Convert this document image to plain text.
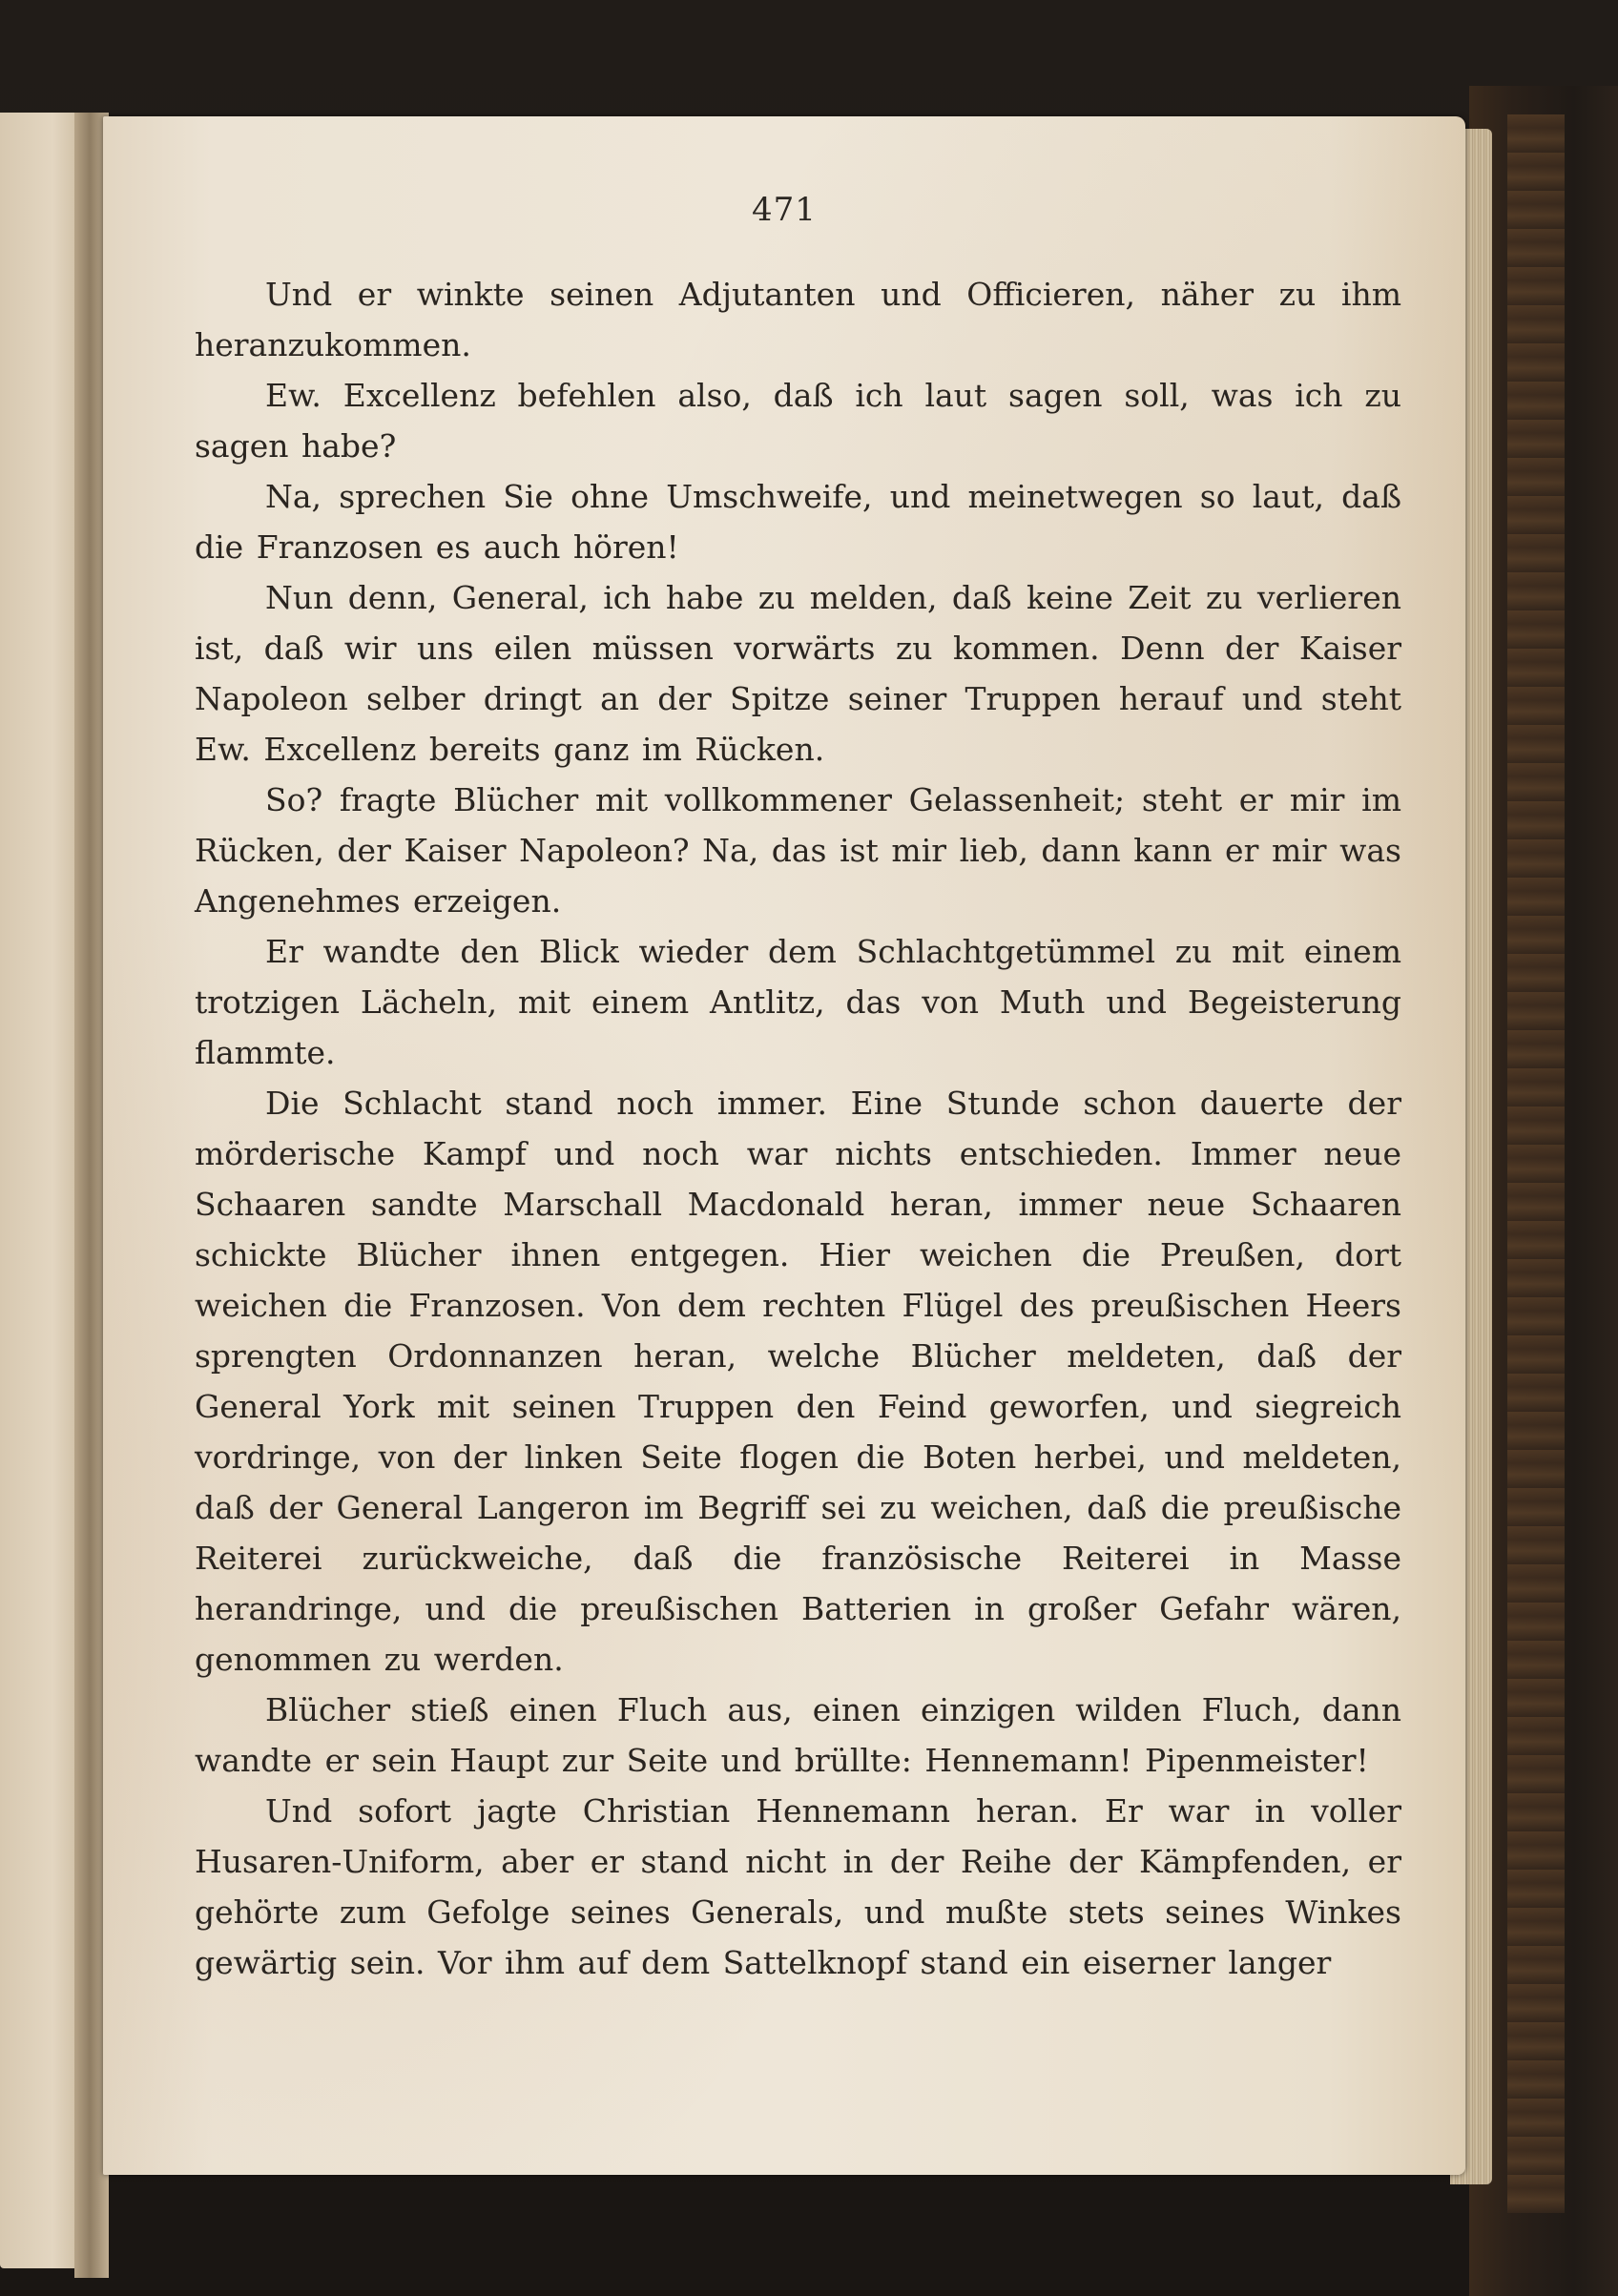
471

Und er winkte seinen Adjutanten und Officieren, näher zu ihm heranzukommen.

Ew. Excellenz befehlen also, daß ich laut sagen soll, was ich zu sagen habe?

Na, sprechen Sie ohne Umschweife, und meinetwegen so laut, daß die Franzosen es auch hören!

Nun denn, General, ich habe zu melden, daß keine Zeit zu verlieren ist, daß wir uns eilen müssen vorwärts zu kommen. Denn der Kaiser Napoleon selber dringt an der Spitze seiner Truppen herauf und steht Ew. Excellenz bereits ganz im Rücken.

So? fragte Blücher mit vollkommener Gelassenheit; steht er mir im Rücken, der Kaiser Napoleon? Na, das ist mir lieb, dann kann er mir was Angenehmes erzeigen.

Er wandte den Blick wieder dem Schlachtgetümmel zu mit einem trotzigen Lächeln, mit einem Antlitz, das von Muth und Begeisterung flammte.

Die Schlacht stand noch immer. Eine Stunde schon dauerte der mörderische Kampf und noch war nichts entschieden. Immer neue Schaaren sandte Marschall Macdonald heran, immer neue Schaaren schickte Blücher ihnen entgegen. Hier weichen die Preußen, dort weichen die Franzosen. Von dem rechten Flügel des preußischen Heers sprengten Ordonnanzen heran, welche Blücher meldeten, daß der General York mit seinen Truppen den Feind geworfen, und siegreich vordringe, von der linken Seite flogen die Boten herbei, und meldeten, daß der General Langeron im Begriff sei zu weichen, daß die preußische Reiterei zurückweiche, daß die französische Reiterei in Masse herandringe, und die preußischen Batterien in großer Gefahr wären, genommen zu werden.

Blücher stieß einen Fluch aus, einen einzigen wilden Fluch, dann wandte er sein Haupt zur Seite und brüllte: Hennemann! Pipenmeister!

Und sofort jagte Christian Hennemann heran. Er war in voller Husaren-Uniform, aber er stand nicht in der Reihe der Kämpfenden, er gehörte zum Gefolge seines Generals, und mußte stets seines Winkes gewärtig sein. Vor ihm auf dem Sattelknopf stand ein eiserner langer
